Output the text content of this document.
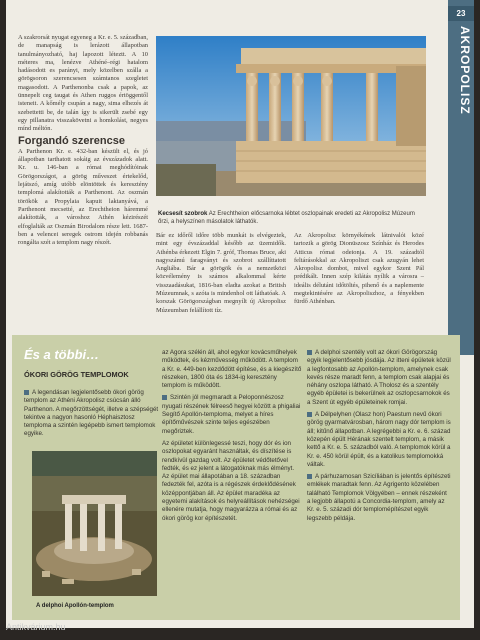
23
AKROPOLISZ

A szakrorsát nyugat egyeneg a Kr. e. 5. században, de manapság is lerázott állapotban tanulmányozható, haj lapozott léteztt. A 10 méteres ma, lenézve Athéné–régi hatalom hadásodott es parányi, mely közelben szálla a görögsoron szerencsesen számtanos szegletet magasodott. A Parthenonba csak a papok, az ünnepelt ceg taugat és Athen ruggos értöggentől isteneit. A kőmély csupán a nagy, sima elhezés át szebettetti be, de talán így is sikerült zsebé egy egy pillanatra visszakövetni a homkolást, negyes mínd méltón.

Forgandó szerencse

A Parthenon Kr. e. 432-ban készült el, és jó állapotban tarthatott sokáig az évszázadok alatt. Kr. u. 146-ban a római meghódítóinak Görögországot, a görög műveszet értekelőd, lejátszó, amíg utóbb elöntöttek és keresztény templomá alakították a Parthenont. Az oszmán törökök a Propylaia kapuit laktanyává, a Parthenont mecsetté, az Erechtheion háremmé alakították, a városhoz Athén kézirészét elfoglalták az Oszmán Birodalom része lett. 1687-ben a velencei seregek ostrom idején robbanás rongálta szét a templom nagy részét.

Bár ez időről időre több munkát is elvégeztek, mint egy évszázaddal később az üzemidők. Athénba érkezett Elgin 7. gróf, Thomas Bruce, aki nagyszámú faragványt és szobrot szállíttatott Angliába. Bár a görögök és a nemzetközi közvélemény is számos alkalommal kérte visszaadásukat, 1816-ban eladta azokat a British Múzeumnak, s azóta is mindenhol ott láthatóak. A korszak Görögországban megnyílt új Akropolisz Múzeumban felállított tíz.

Kecsesít szobrok Az Erechtheion előcsarnoka lébtet oszlopainak eredeti az Akropolisz Múzeum őrzi, a helyszínen másolatok láthatók.

Az Akropolisz környékének látnivalói közé tartozik a görög Dionüszosz Színház és Herodes Atticus római odeionja. A 19. századtól feltárásokkal az Akropoliszt csak azugyán lehet Akropolisz dombot, mivel egykor Szent Pál prédikált. Innen szép kilátás nyílik a városra – ideális délutáni időtöltés, pihenő és a naplemente megtekintésére az Akropoliszhoz, a fényekben fürdő Athénban.

És a többi…
ÓKORI GÖRÖG TEMPLOMOK

A legendásan legjelentősebb ókori görög templom az Athéni Akropolisz csúcsán álló Parthenon. A megőrzöttségét, illetve a szépségét tekintve a nagyon hasonló Héphaisztosz temploma a szintén legépebb ismert templomok egyike.

A delphoi Apollón-templom

az Agora szélén áll, ahol egykor kovácsműhelyek működtek, és kézművesség működött. A templom a Kr. e. 449-ben kezdődött építése, és a kiegészítő részeken, 1800 óta és 1834-ig keresztény templom is működött.

Szintén jól megmaradt a Peloponnészosz nyugati részének félreeső hegyei között a phigaliai Segítő Apollón-temploma, melyet a híres építőművészek szinte teljes egészében megőriztek.

Az épületet különlegessé teszi, hogy dór és ion oszlopokat egyaránt használtak, és díszítése is rendkívül gazdag volt. Az épületet védőtetővel fedték, és ez jelent a látogatóknak más élményt. Az épület mai állapotában a 18. században fedezték fel, azóta is a régészek érdeklődésének középpontjában áll. Az épület maradéka az egyetemi alakítások és helyreállítások nehézségei ellenére mutatja, hogy magyarázza a római és az ókori görög kor építészetét.

A delphoi szentély volt az ókori Görögország egyik legjelentősebb jósdája. Az itteni épületek közül a legfontosabb az Apollón-templom, amelynek csak kevés része maradt fenn, a templom csak alapjai és néhány oszlopa látható. A Tholosz és a szentély egyéb épületei is bekerülnek az oszlopcsarnokok és a Szent út egyéb épületeinek romjai.

A Délpelyhen (Olasz hon) Paestum nevű ókori görög gyarmatvárosban, három nagy dór templom is áll; kitűnő állapotban. A legrégebbi a Kr. e. 6. század közepén épült Hérának szentelt templom, a másik kettő a Kr. e. 5. századból való. A templomok körül a Kr. e. 450 körül épült, és a katolikus templomokká váltak.

A párhuzamosan Szicíliában is jelentős építészeti emlékek maradtak fenn. Az Agrigento közelében található Templomok Völgyében – ennek részeként a legjobb állapotú a Concordia-templom, amely az Kr. e. 5. századi dór templomépítészet egyik legszebb példája.

Antikvárium.hu
